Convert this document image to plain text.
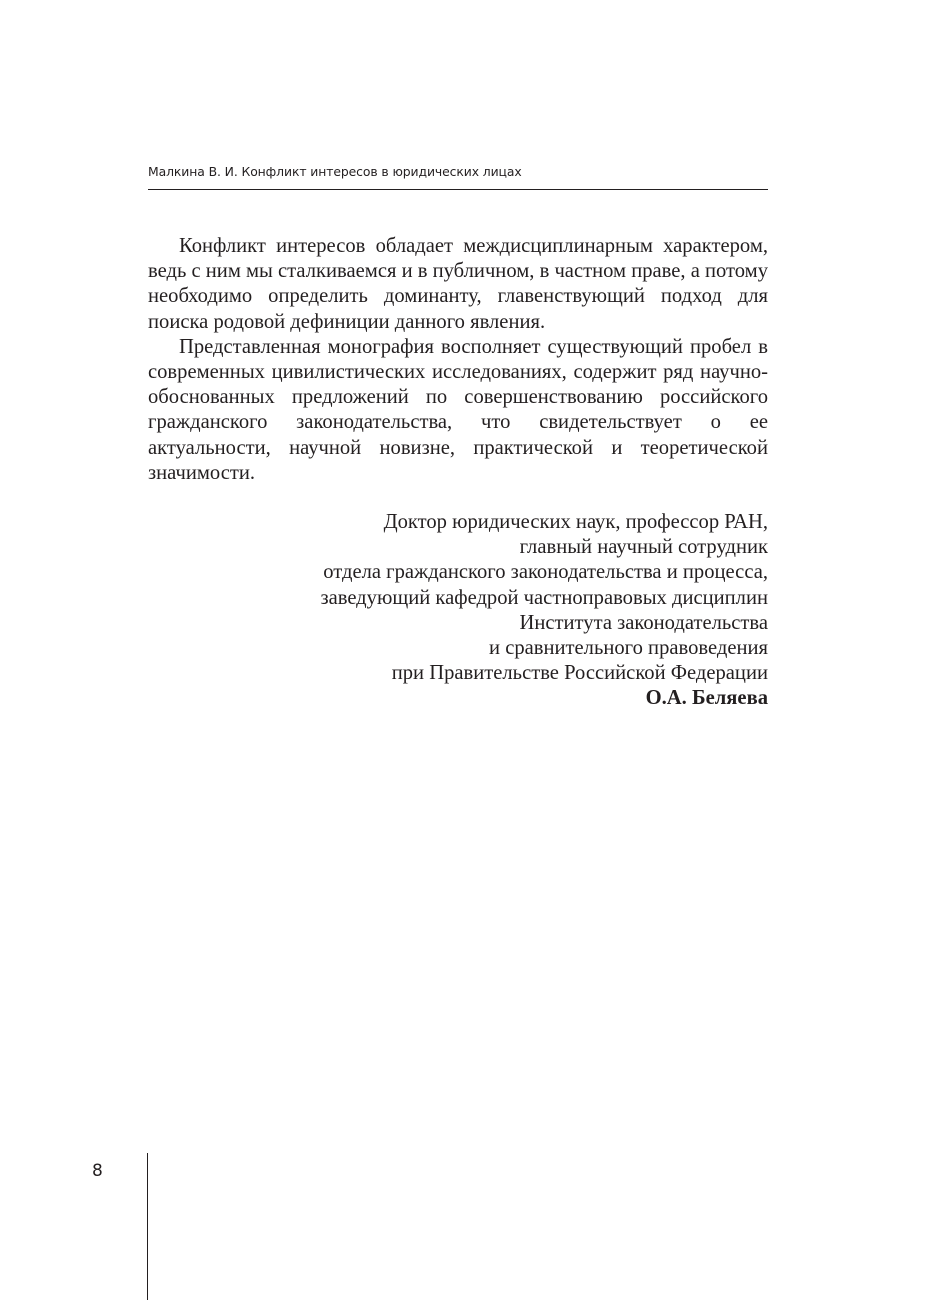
Малкина В. И. Конфликт интересов в юридических лицах

Конфликт интересов обладает междисциплинарным характером, ведь с ним мы сталкиваемся и в публичном, в частном праве, а потому необходимо определить доминанту, главенствующий подход для поиска родовой дефиниции данного явления.

Представленная монография восполняет существующий пробел в современных цивилистических исследованиях, содержит ряд научно-обоснованных предложений по совершенствованию российского гражданского законодательства, что свидетельствует о ее актуальности, научной новизне, практической и теоретической значимости.

Доктор юридических наук, профессор РАН,
главный научный сотрудник
отдела гражданского законодательства и процесса,
заведующий кафедрой частноправовых дисциплин
Института законодательства
и сравнительного правоведения
при Правительстве Российской Федерации
О.А. Беляева
8
